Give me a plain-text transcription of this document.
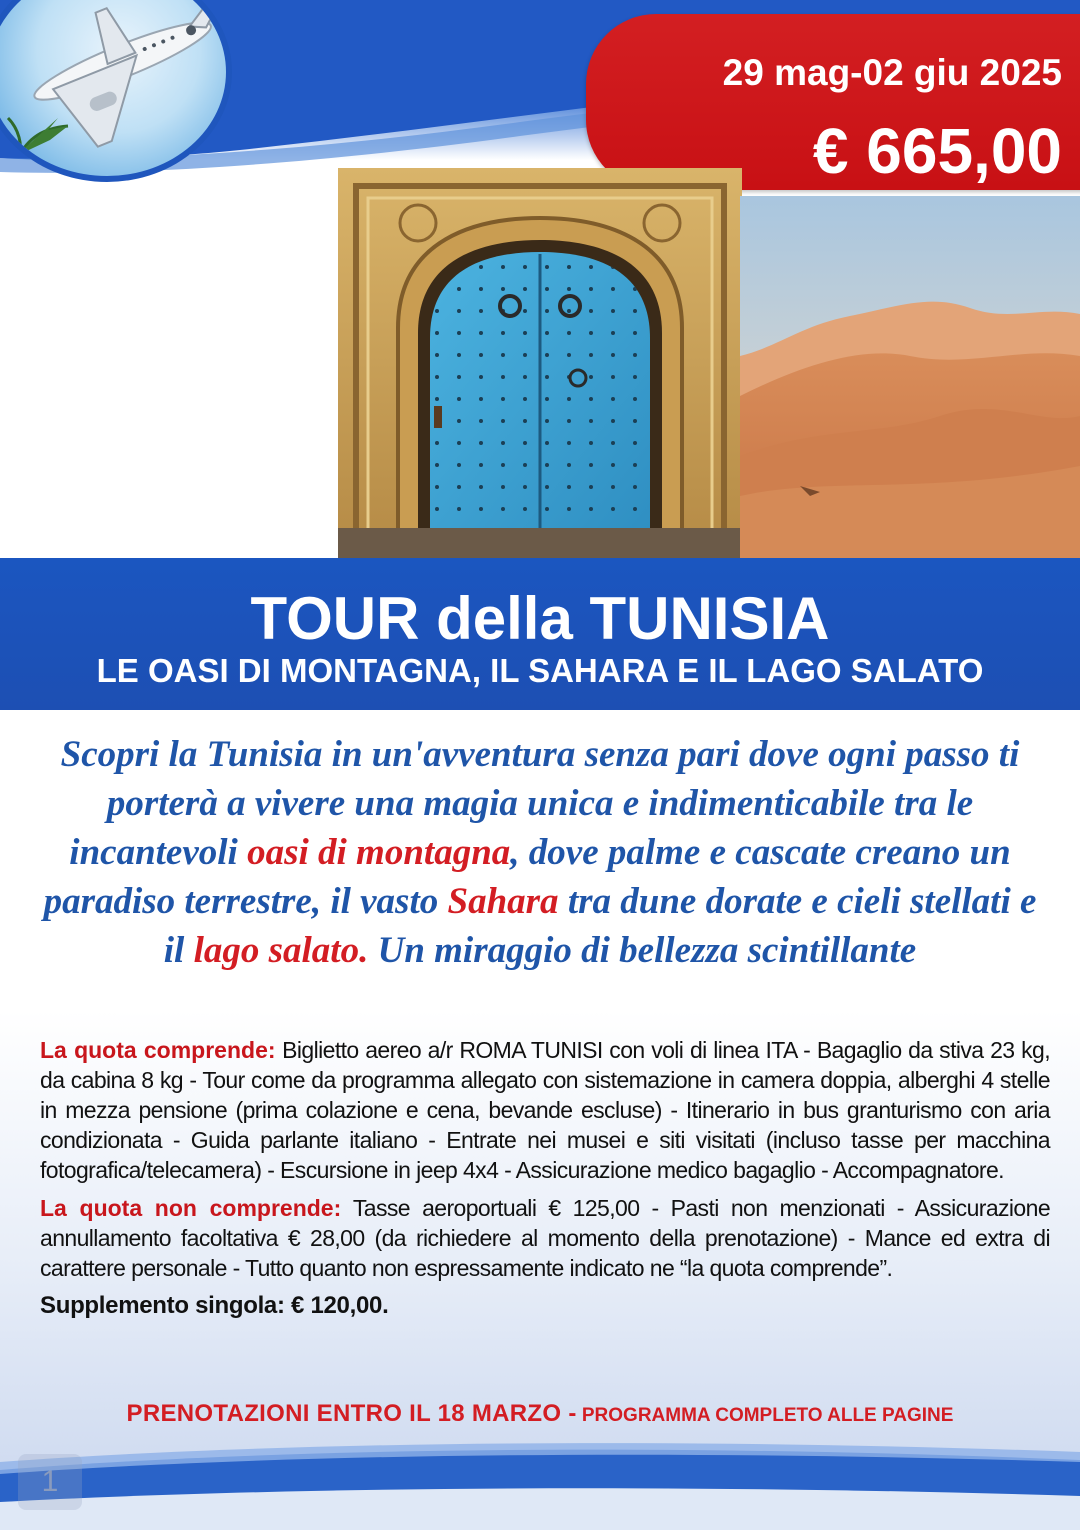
29 mag-02 giu 2025
€ 665,00
TOUR della TUNISIA
LE OASI DI MONTAGNA, IL SAHARA E IL LAGO SALATO
Scopri la Tunisia in un'avventura senza pari dove ogni passo ti porterà a vivere una magia unica e indimenticabile tra le incantevoli oasi di montagna, dove palme e cascate creano un paradiso terrestre, il vasto Sahara tra dune dorate e cieli stellati e il lago salato. Un miraggio di bellezza scintillante

La quota comprende: Biglietto aereo a/r ROMA TUNISI con voli di linea ITA - Bagaglio da stiva 23 kg, da cabina 8 kg - Tour come da programma allegato con sistemazione in camera doppia, alberghi 4 stelle in mezza pensione (prima colazione e cena, bevande escluse) - Itinerario in bus granturismo con aria condizionata - Guida parlante italiano - Entrate nei musei e siti visitati (incluso tasse per macchina fotografica/telecamera) - Escursione in jeep 4x4 - Assicurazione medico bagaglio - Accompagnatore.

La quota non comprende: Tasse aeroportuali € 125,00 - Pasti non menzionati - Assicurazione annullamento facoltativa € 28,00 (da richiedere al momento della prenotazione) - Mance ed extra di carattere personale - Tutto quanto non espressamente indicato ne “la quota comprende”.

Supplemento singola: € 120,00.

PRENOTAZIONI ENTRO IL 18 MARZO - PROGRAMMA COMPLETO ALLE PAGINE
1
